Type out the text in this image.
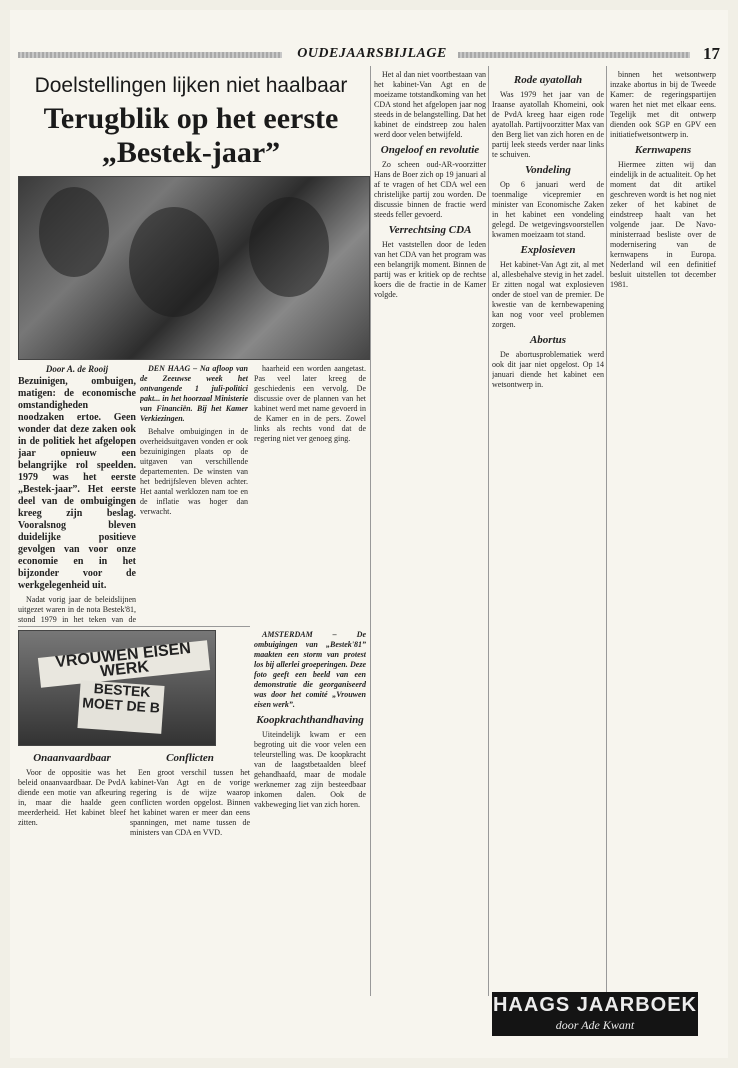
OUDEJAARSBIJLAGE	17
Doelstellingen lijken niet haalbaar
Terugblik op het eerste
„Bestek-jaar”
Door A. de Rooij

Bezuinigen, ombuigen, matigen: de economische omstandigheden noodzaken ertoe. Geen wonder dat deze zaken ook in de politiek het afgelopen jaar opnieuw een belangrijke rol speelden. 1979 was het eerste „Bestek-jaar”. Het eerste deel van de ombuigingen kreeg zijn beslag. Vooralsnog bleven duidelijke positieve gevolgen van voor onze economie en in het bijzonder voor de werkgelegenheid uit.

Nadat vorig jaar de beleidslijnen uitgezet waren in de nota Bestek'81, stond 1979 in het teken van de

DEN HAAG – Na afloop van de Zeeuwse week het ontvangende 1 juli-politici pakt... in het hoorzaal Ministerie van Financiën. Bij het Kamer Verkiezingen.

Behalve ombuigingen in de overheidsuitgaven vonden er ook bezuinigingen plaats op de uitgaven van verschillende departementen. De winsten van het bedrijfsleven bleven achter. Het aantal werklozen nam toe en de inflatie was hoger dan verwacht.

haarheid een worden aangetast. Pas veel later kreeg de geschiedenis een vervolg. De discussie over de plannen van het kabinet werd met name gevoerd in de Kamer en in de pers. Zowel links als rechts vond dat de regering niet ver genoeg ging.

VROUWEN EISEN WERK
BESTEK MOET DE B

AMSTERDAM – De ombuigingen van „Bestek'81” maakten een storm van protest los bij allerlei groeperingen. Deze foto geeft een beeld van een demonstratie die georganiseerd was door het comité „Vrouwen eisen werk”.

Koopkrachthandhaving

Uiteindelijk kwam er een begroting uit die voor velen een teleurstelling was. De koopkracht van de laagstbetaalden bleef gehandhaafd, maar de modale werknemer zag zijn besteedbaar inkomen dalen. Ook de vakbeweging liet van zich horen.

Onaanvaardbaar

Voor de oppositie was het beleid onaanvaardbaar. De PvdA diende een motie van afkeuring in, maar die haalde geen meerderheid. Het kabinet bleef zitten.

Conflicten

Een groot verschil tussen het kabinet-Van Agt en de vorige regering is de wijze waarop conflicten worden opgelost. Binnen het kabinet waren er meer dan eens spanningen, met name tussen de ministers van CDA en VVD.

Het al dan niet voortbestaan van het kabinet-Van Agt en de moeizame totstandkoming van het CDA stond het afgelopen jaar nog steeds in de belangstelling. Dat het kabinet de eindstreep zou halen werd door velen betwijfeld.

Ongeloof en revolutie

Zo scheen oud-AR-voorzitter Hans de Boer zich op 19 januari al af te vragen of het CDA wel een christelijke partij zou worden. De discussie binnen de fractie werd steeds feller gevoerd.

Verrechtsing CDA

Het vaststellen door de leden van het CDA van het program was een belangrijk moment. Binnen de partij was er kritiek op de rechtse koers die de fractie in de Kamer volgde.

Rode ayatollah

Was 1979 het jaar van de Iraanse ayatollah Khomeini, ook de PvdA kreeg haar eigen rode ayatollah. Partijvoorzitter Max van den Berg liet van zich horen en de partij leek steeds verder naar links te schuiven.

Vondeling

Op 6 januari werd de toenmalige vicepremier en minister van Economische Zaken in het kabinet een vondeling gelegd. De wetgevingsvoorstellen kwamen moeizaam tot stand.

Explosieven

Het kabinet-Van Agt zit, al met al, allesbehalve stevig in het zadel. Er zitten nogal wat explosieven onder de stoel van de premier. De kwestie van de kernbewapening kan nog voor veel problemen zorgen.

Abortus

De abortusproblematiek werd ook dit jaar niet opgelost. Op 14 januari diende het kabinet een wetsontwerp in.

binnen het wetsontwerp inzake abortus in bij de Tweede Kamer: de regeringspartijen waren het niet met elkaar eens. Tegelijk met dit ontwerp dienden ook SGP en GPV een initiatiefwetsontwerp in.

Kernwapens

Hiermee zitten wij dan eindelijk in de actualiteit. Op het moment dat dit artikel geschreven wordt is het nog niet zeker of het kabinet de eindstreep haalt van het volgende jaar. De Navo-ministerraad besliste over de modernisering van de kernwapens in Europa. Nederland wil een definitief besluit uitstellen tot december 1981.

HAAGS JAARBOEK
door Ade Kwant
